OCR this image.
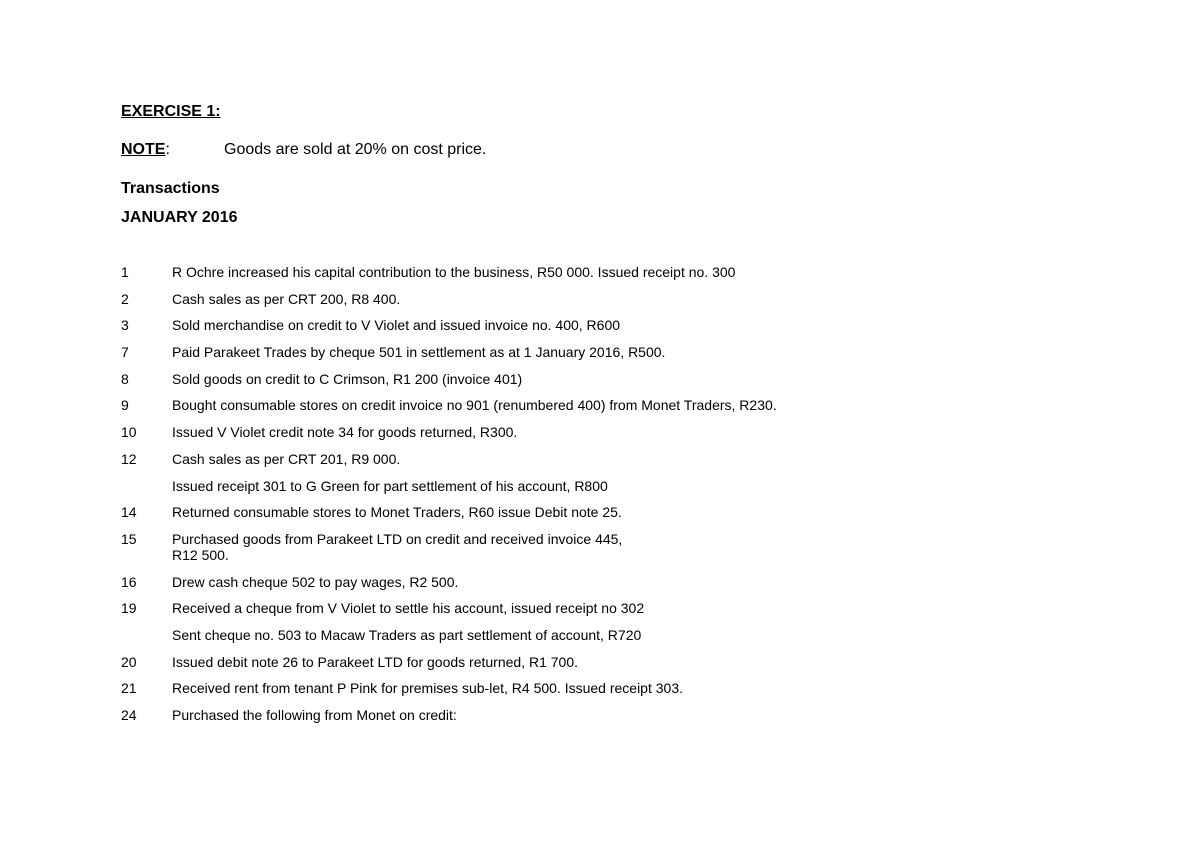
EXERCISE 1:
NOTE:	Goods are sold at 20% on cost price.
Transactions
JANUARY 2016
1	R Ochre increased his capital contribution to the business, R50 000. Issued receipt no. 300
2	Cash sales as per CRT 200, R8 400.
3	Sold merchandise on credit to V Violet and issued invoice no. 400, R600
7	Paid Parakeet Trades by cheque 501 in settlement as at 1 January 2016, R500.
8	Sold goods on credit to C Crimson, R1 200 (invoice 401)
9	Bought consumable stores on credit invoice no 901 (renumbered 400) from Monet Traders, R230.
10	Issued V Violet credit note 34 for goods returned, R300.
12	Cash sales as per CRT 201, R9 000.
Issued receipt 301 to G Green for part settlement of his account, R800
14	Returned consumable stores to Monet Traders, R60 issue Debit note 25.
15	Purchased goods from Parakeet LTD on credit and received invoice 445,
R12 500.
16	Drew cash cheque 502 to pay wages, R2 500.
19	Received a cheque from V Violet to settle his account, issued receipt no 302
Sent cheque no. 503 to Macaw Traders as part settlement of account, R720
20	Issued debit note 26 to Parakeet LTD for goods returned, R1 700.
21	Received rent from tenant P Pink for premises sub-let, R4 500. Issued receipt 303.
24	Purchased the following from Monet on credit:
